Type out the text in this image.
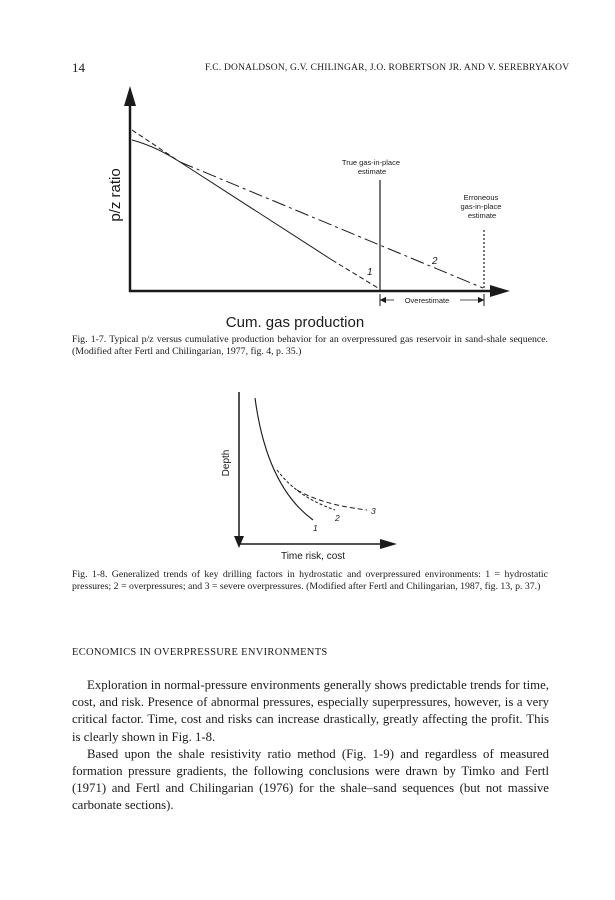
14	F.C. DONALDSON, G.V. CHILINGAR, J.O. ROBERTSON JR. AND V. SEREBRYAKOV
p/z ratio
Cum. gas production
True gas-in-place estimate
Erroneous gas-in-place estimate
Overestimate
1
2
Fig. 1-7. Typical p/z versus cumulative production behavior for an overpressured gas reservoir in sand-shale sequence. (Modified after Fertl and Chilingarian, 1977, fig. 4, p. 35.)
Depth
Time risk, cost
1
2
3
Fig. 1-8. Generalized trends of key drilling factors in hydrostatic and overpressured environments: 1 = hydrostatic pressures; 2 = overpressures; and 3 = severe overpressures. (Modified after Fertl and Chilingarian, 1987, fig. 13, p. 37.)
ECONOMICS IN OVERPRESSURE ENVIRONMENTS

Exploration in normal-pressure environments generally shows predictable trends for time, cost, and risk. Presence of abnormal pressures, especially superpressures, however, is a very critical factor. Time, cost and risks can increase drastically, greatly affecting the profit. This is clearly shown in Fig. 1-8.

Based upon the shale resistivity ratio method (Fig. 1-9) and regardless of measured formation pressure gradients, the following conclusions were drawn by Timko and Fertl (1971) and Fertl and Chilingarian (1976) for the shale–sand sequences (but not massive carbonate sections).
